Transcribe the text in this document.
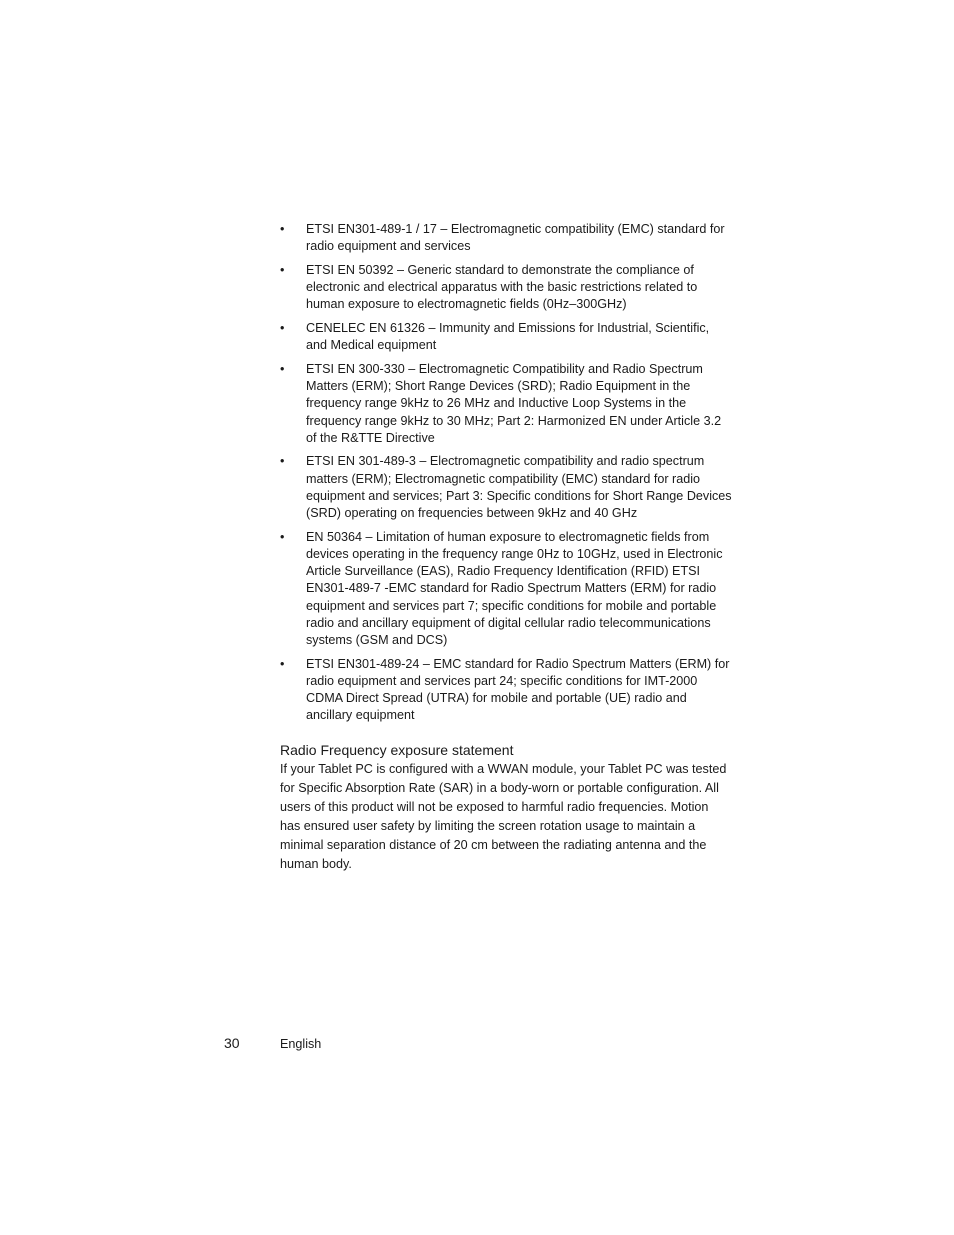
•	ETSI EN301-489-1 / 17 – Electromagnetic compatibility (EMC) standard for radio equipment and services
•	ETSI EN 50392 – Generic standard to demonstrate the compliance of electronic and electrical apparatus with the basic restrictions related to human exposure to electromagnetic fields (0Hz–300GHz)
•	CENELEC EN 61326 – Immunity and Emissions for Industrial, Scientific, and Medical equipment
•	ETSI EN 300-330 – Electromagnetic Compatibility and Radio Spectrum Matters (ERM); Short Range Devices (SRD); Radio Equipment in the frequency range 9kHz to 26 MHz and Inductive Loop Systems in the frequency range 9kHz to 30 MHz; Part 2: Harmonized EN under Article 3.2 of the R&TTE Directive
•	ETSI EN 301-489-3 – Electromagnetic compatibility and radio spectrum matters (ERM); Electromagnetic compatibility (EMC) standard for radio equipment and services; Part 3: Specific conditions for Short Range Devices (SRD) operating on frequencies between 9kHz and 40 GHz
•	EN 50364 – Limitation of human exposure to electromagnetic fields from devices operating in the frequency range 0Hz to 10GHz, used in Electronic Article Surveillance (EAS), Radio Frequency Identification (RFID) ETSI EN301-489-7 -EMC standard for Radio Spectrum Matters (ERM) for radio equipment and services part 7; specific conditions for mobile and portable radio and ancillary equipment of digital cellular radio telecommunications systems (GSM and DCS)
•	ETSI EN301-489-24 – EMC standard for Radio Spectrum Matters (ERM) for radio equipment and services part 24; specific conditions for IMT-2000 CDMA Direct Spread (UTRA) for mobile and portable (UE) radio and ancillary equipment
Radio Frequency exposure statement

If your Tablet PC is configured with a WWAN module, your Tablet PC was tested for Specific Absorption Rate (SAR) in a body-worn or portable configuration. All users of this product will not be exposed to harmful radio frequencies. Motion has ensured user safety by limiting the screen rotation usage to maintain a minimal separation distance of 20 cm between the radiating antenna and the human body.

30	English
